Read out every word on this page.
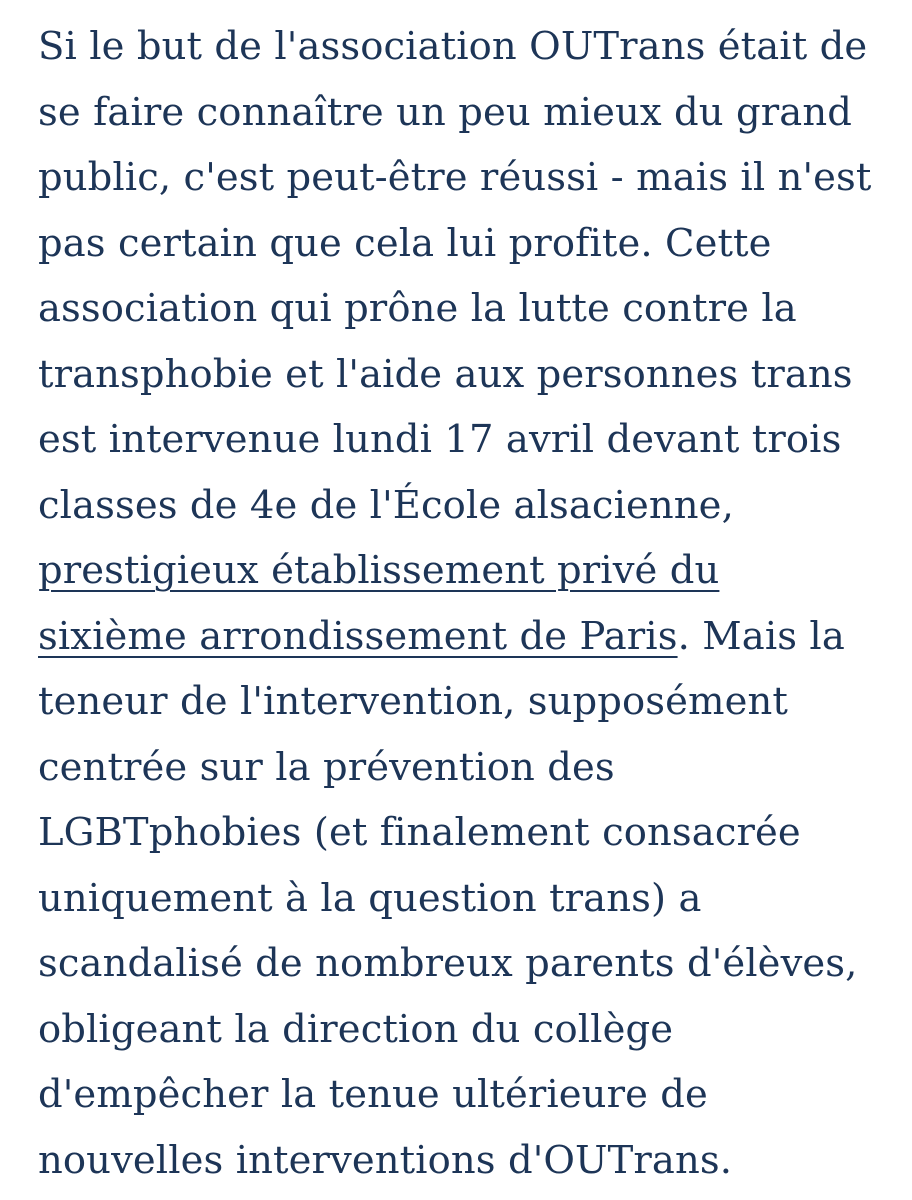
Si le but de l'association OUTrans était de
se faire connaître un peu mieux du grand
public, c'est peut-être réussi - mais il n'est
pas certain que cela lui profite. Cette
association qui prône la lutte contre la
transphobie et l'aide aux personnes trans
est intervenue lundi 17 avril devant trois
classes de 4e de l'École alsacienne,
prestigieux établissement privé du
sixième arrondissement de Paris. Mais la
teneur de l'intervention, supposément
centrée sur la prévention des
LGBTphobies (et finalement consacrée
uniquement à la question trans) a
scandalisé de nombreux parents d'élèves,
obligeant la direction du collège
d'empêcher la tenue ultérieure de
nouvelles interventions d'OUTrans.
